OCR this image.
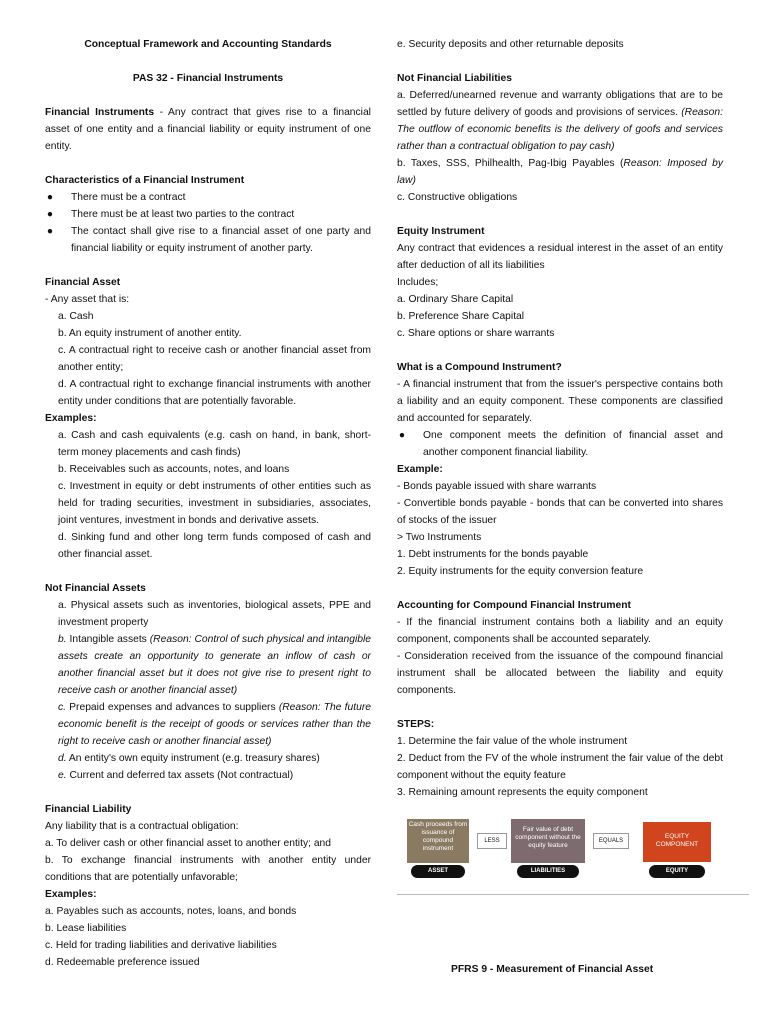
Conceptual Framework and Accounting Standards

PAS 32 - Financial Instruments

Financial Instruments - Any contract that gives rise to a financial asset of one entity and a financial liability or equity instrument of one entity.

Characteristics of a Financial Instrument

● There must be a contract

● There must be at least two parties to the contract

● The contact shall give rise to a financial asset of one party and financial liability or equity instrument of another party.

Financial Asset

- Any asset that is:

a. Cash

b. An equity instrument of another entity.

c. A contractual right to receive cash or another financial asset from another entity;

d. A contractual right to exchange financial instruments with another entity under conditions that are potentially favorable.

Examples:

a. Cash and cash equivalents (e.g. cash on hand, in bank, short-term money placements and cash finds)

b. Receivables such as accounts, notes, and loans

c. Investment in equity or debt instruments of other entities such as held for trading securities, investment in subsidiaries, associates, joint ventures, investment in bonds and derivative assets.

d. Sinking fund and other long term funds composed of cash and other financial asset.

Not Financial Assets

a. Physical assets such as inventories, biological assets, PPE and investment property

b. Intangible assets (Reason: Control of such physical and intangible assets create an opportunity to generate an inflow of cash or another financial asset but it does not give rise to present right to receive cash or another financial asset)

c. Prepaid expenses and advances to suppliers (Reason: The future economic benefit is the receipt of goods or services rather than the right to receive cash or another financial asset)

d. An entity's own equity instrument (e.g. treasury shares)

e. Current and deferred tax assets (Not contractual)

Financial Liability

Any liability that is a contractual obligation:

a. To deliver cash or other financial asset to another entity; and

b. To exchange financial instruments with another entity under conditions that are potentially unfavorable;

Examples:

a. Payables such as accounts, notes, loans, and bonds

b. Lease liabilities

c. Held for trading liabilities and derivative liabilities

d. Redeemable preference issued

e. Security deposits and other returnable deposits

Not Financial Liabilities

a. Deferred/unearned revenue and warranty obligations that are to be settled by future delivery of goods and provisions of services. (Reason: The outflow of economic benefits is the delivery of goofs and services rather than a contractual obligation to pay cash)

b. Taxes, SSS, Philhealth, Pag-Ibig Payables (Reason: Imposed by law)

c. Constructive obligations

Equity Instrument

Any contract that evidences a residual interest in the asset of an entity after deduction of all its liabilities

Includes;

a. Ordinary Share Capital

b. Preference Share Capital

c. Share options or share warrants

What is a Compound Instrument?

- A financial instrument that from the issuer's perspective contains both a liability and an equity component. These components are classified and accounted for separately.

● One component meets the definition of financial asset and another component financial liability.

Example:

- Bonds payable issued with share warrants

- Convertible bonds payable - bonds that can be converted into shares of stocks of the issuer

> Two Instruments

1. Debt instruments for the bonds payable

2. Equity instruments for the equity conversion feature

Accounting for Compound Financial Instrument

- If the financial instrument contains both a liability and an equity component, components shall be accounted separately.

- Consideration received from the issuance of the compound financial instrument shall be allocated between the liability and equity components.

STEPS:

1. Determine the fair value of the whole instrument

2. Deduct from the FV of the whole instrument the fair value of the debt component without the equity feature

3. Remaining amount represents the equity component

Cash proceeds from issuance of compound instrument
LESS
Fair value of debt component without the equity feature
EQUALS
EQUITY COMPONENT
ASSET	LIABILITIES	EQUITY

PFRS 9 - Measurement of Financial Asset
